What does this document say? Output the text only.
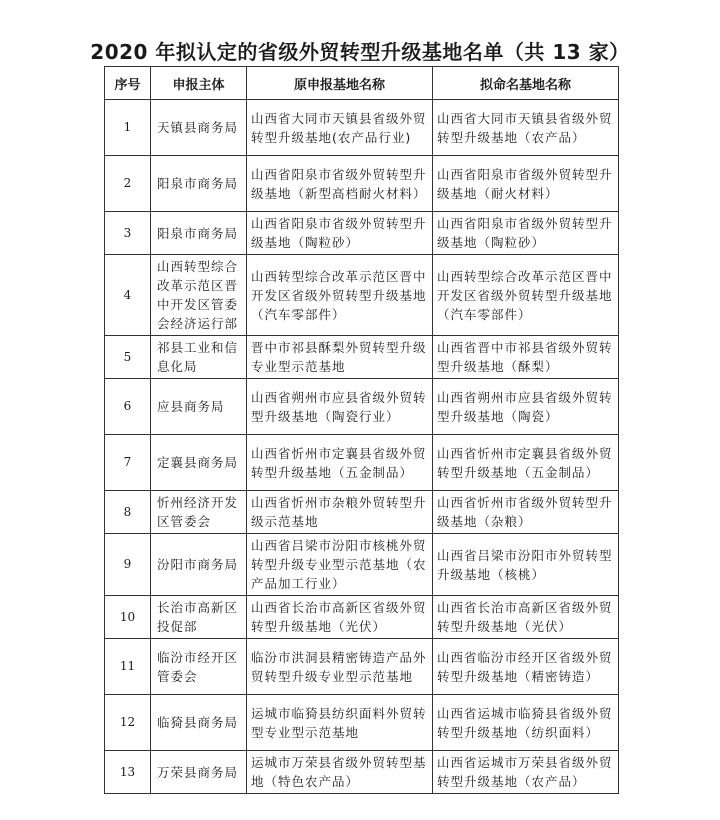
2020 年拟认定的省级外贸转型升级基地名单（共 13 家）
序号	申报主体	原申报基地名称	拟命名基地名称
1	天镇县商务局	山西省大同市天镇县省级外贸转型升级基地(农产品行业)	山西省大同市天镇县省级外贸转型升级基地（农产品）
2	阳泉市商务局	山西省阳泉市省级外贸转型升级基地（新型高档耐火材料）	山西省阳泉市省级外贸转型升级基地（耐火材料）
3	阳泉市商务局	山西省阳泉市省级外贸转型升级基地（陶粒砂）	山西省阳泉市省级外贸转型升级基地（陶粒砂）
4	山西转型综合改革示范区晋中开发区管委会经济运行部	山西转型综合改革示范区晋中开发区省级外贸转型升级基地（汽车零部件）	山西转型综合改革示范区晋中开发区省级外贸转型升级基地（汽车零部件）
5	祁县工业和信息化局	晋中市祁县酥梨外贸转型升级专业型示范基地	山西省晋中市祁县省级外贸转型升级基地（酥梨）
6	应县商务局	山西省朔州市应县省级外贸转型升级基地（陶瓷行业）	山西省朔州市应县省级外贸转型升级基地（陶瓷）
7	定襄县商务局	山西省忻州市定襄县省级外贸转型升级基地（五金制品）	山西省忻州市定襄县省级外贸转型升级基地（五金制品）
8	忻州经济开发区管委会	山西省忻州市杂粮外贸转型升级示范基地	山西省忻州市省级外贸转型升级基地（杂粮）
9	汾阳市商务局	山西省吕梁市汾阳市核桃外贸转型升级专业型示范基地（农产品加工行业）	山西省吕梁市汾阳市外贸转型升级基地（核桃）
10	长治市高新区投促部	山西省长治市高新区省级外贸转型升级基地（光伏）	山西省长治市高新区省级外贸转型升级基地（光伏）
11	临汾市经开区管委会	临汾市洪洞县精密铸造产品外贸转型升级专业型示范基地	山西省临汾市经开区省级外贸转型升级基地（精密铸造）
12	临猗县商务局	运城市临猗县纺织面料外贸转型专业型示范基地	山西省运城市临猗县省级外贸转型升级基地（纺织面料）
13	万荣县商务局	运城市万荣县省级外贸转型基地（特色农产品）	山西省运城市万荣县省级外贸转型升级基地（农产品）
